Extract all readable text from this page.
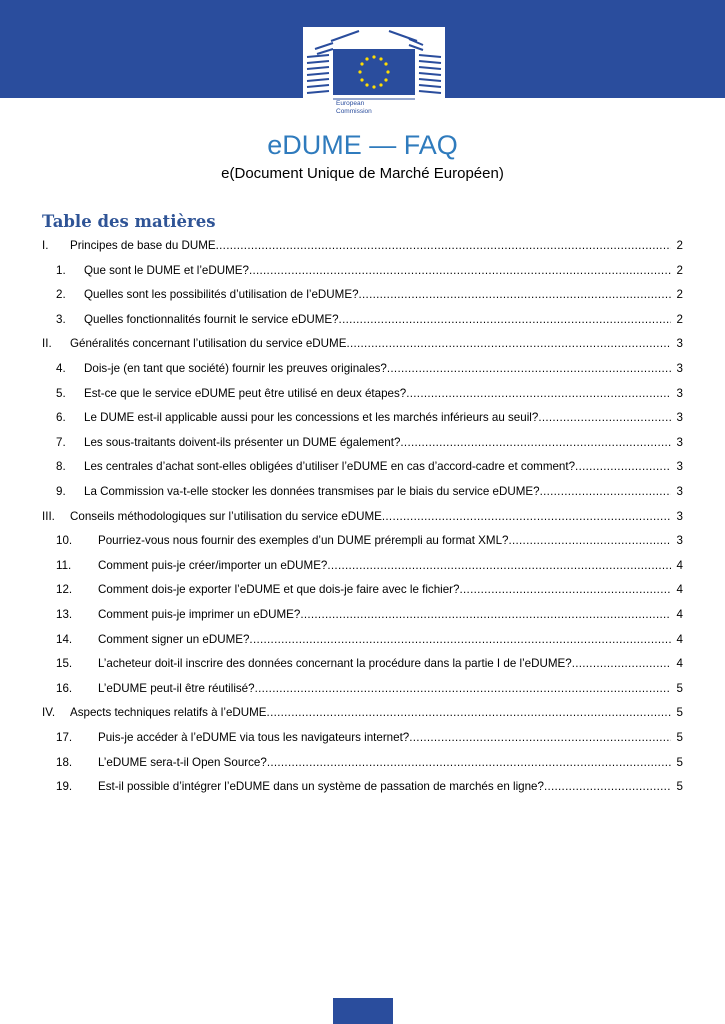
European
Commission
eDUME — FAQ
e(Document Unique de Marché Européen)
Table des matières
I. Principes de base du DUME .....	2
1. Que sont le DUME et l’eDUME? .....	2
2. Quelles sont les possibilités d’utilisation de l’eDUME? .....	2
3. Quelles fonctionnalités fournit le service eDUME? .....	2
II. Généralités concernant l’utilisation du service eDUME .....	3
4. Dois-je (en tant que société) fournir les preuves originales? .....	3
5. Est-ce que le service eDUME peut être utilisé en deux étapes? .....	3
6. Le DUME est-il applicable aussi pour les concessions et les marchés inférieurs au seuil? .....	3
7. Les sous-traitants doivent-ils présenter un DUME également? .....	3
8. Les centrales d’achat sont-elles obligées d’utiliser l’eDUME en cas d’accord-cadre et comment? .....	3
9. La Commission va-t-elle stocker les données transmises par le biais du service eDUME? .....	3
III. Conseils méthodologiques sur l’utilisation du service eDUME .....	3
10. Pourriez-vous nous fournir des exemples d’un DUME prérempli au format XML? .....	3
11. Comment puis-je créer/importer un eDUME? .....	4
12. Comment dois-je exporter l’eDUME et que dois-je faire avec le fichier? .....	4
13. Comment puis-je imprimer un eDUME? .....	4
14. Comment signer un eDUME? .....	4
15. L’acheteur doit-il inscrire des données concernant la procédure dans la partie I de l’eDUME? .....	4
16. L’eDUME peut-il être réutilisé? .....	5
IV. Aspects techniques relatifs à l’eDUME .....	5
17. Puis-je accéder à l’eDUME via tous les navigateurs internet? .....	5
18. L’eDUME sera-t-il Open Source? .....	5
19. Est-il possible d’intégrer l’eDUME dans un système de passation de marchés en ligne? .....	5
